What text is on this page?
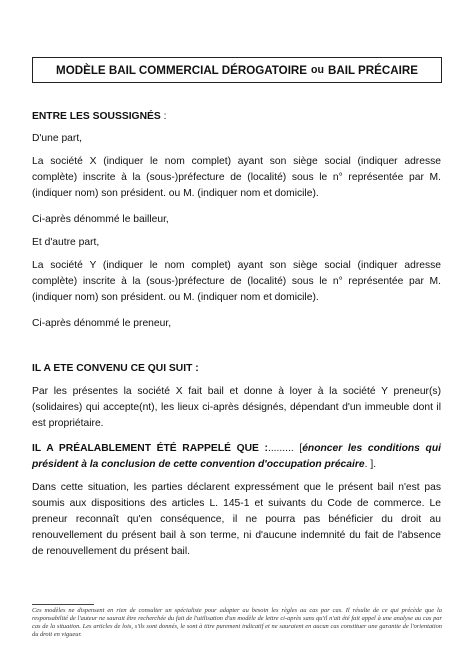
MODÈLE BAIL COMMERCIAL DÉROGATOIRE ou BAIL PRÉCAIRE
ENTRE LES SOUSSIGNÉS :
D'une part,
La société X (indiquer le nom complet) ayant son siège social (indiquer adresse complète) inscrite à la (sous-)préfecture de (localité) sous le n° représentée par M. (indiquer nom) son président. ou M. (indiquer nom et domicile).
Ci-après dénommé le bailleur,
Et d'autre part,
La société Y (indiquer le nom complet) ayant son siège social (indiquer adresse complète) inscrite à la (sous-)préfecture de (localité) sous le n° représentée par M. (indiquer nom) son président. ou M. (indiquer nom et domicile).
Ci-après dénommé le preneur,
IL A ETE CONVENU CE QUI SUIT :
Par les présentes la société X fait bail et donne à loyer à la société Y preneur(s) (solidaires) qui accepte(nt), les lieux ci-après désignés, dépendant d'un immeuble dont il est propriétaire.
IL A PRÉALABLEMENT ÉTÉ RAPPELÉ QUE :......... [énoncer les conditions qui président à la conclusion de cette convention d'occupation précaire. ].
Dans cette situation, les parties déclarent expressément que le présent bail n'est pas soumis aux dispositions des articles L. 145-1 et suivants du Code de commerce. Le preneur reconnaît qu'en conséquence, il ne pourra pas bénéficier du droit au renouvellement du présent bail à son terme, ni d'aucune indemnité du fait de l'absence de renouvellement du présent bail.
Ces modèles ne dispensent en rien de consulter un spécialiste pour adapter au besoin les règles au cas par cas. Il résulte de ce qui précède que la responsabilité de l'auteur ne saurait être recherchée du fait de l'utilisation d'un modèle de lettre ci-après sans qu'il n'ait été fait appel à une analyse au cas par cas de la situation. Les articles de lois, s'ils sont donnés, le sont à titre purement indicatif et ne sauraient en aucun cas constituer une garantie de l'orientation du droit en vigueur.
